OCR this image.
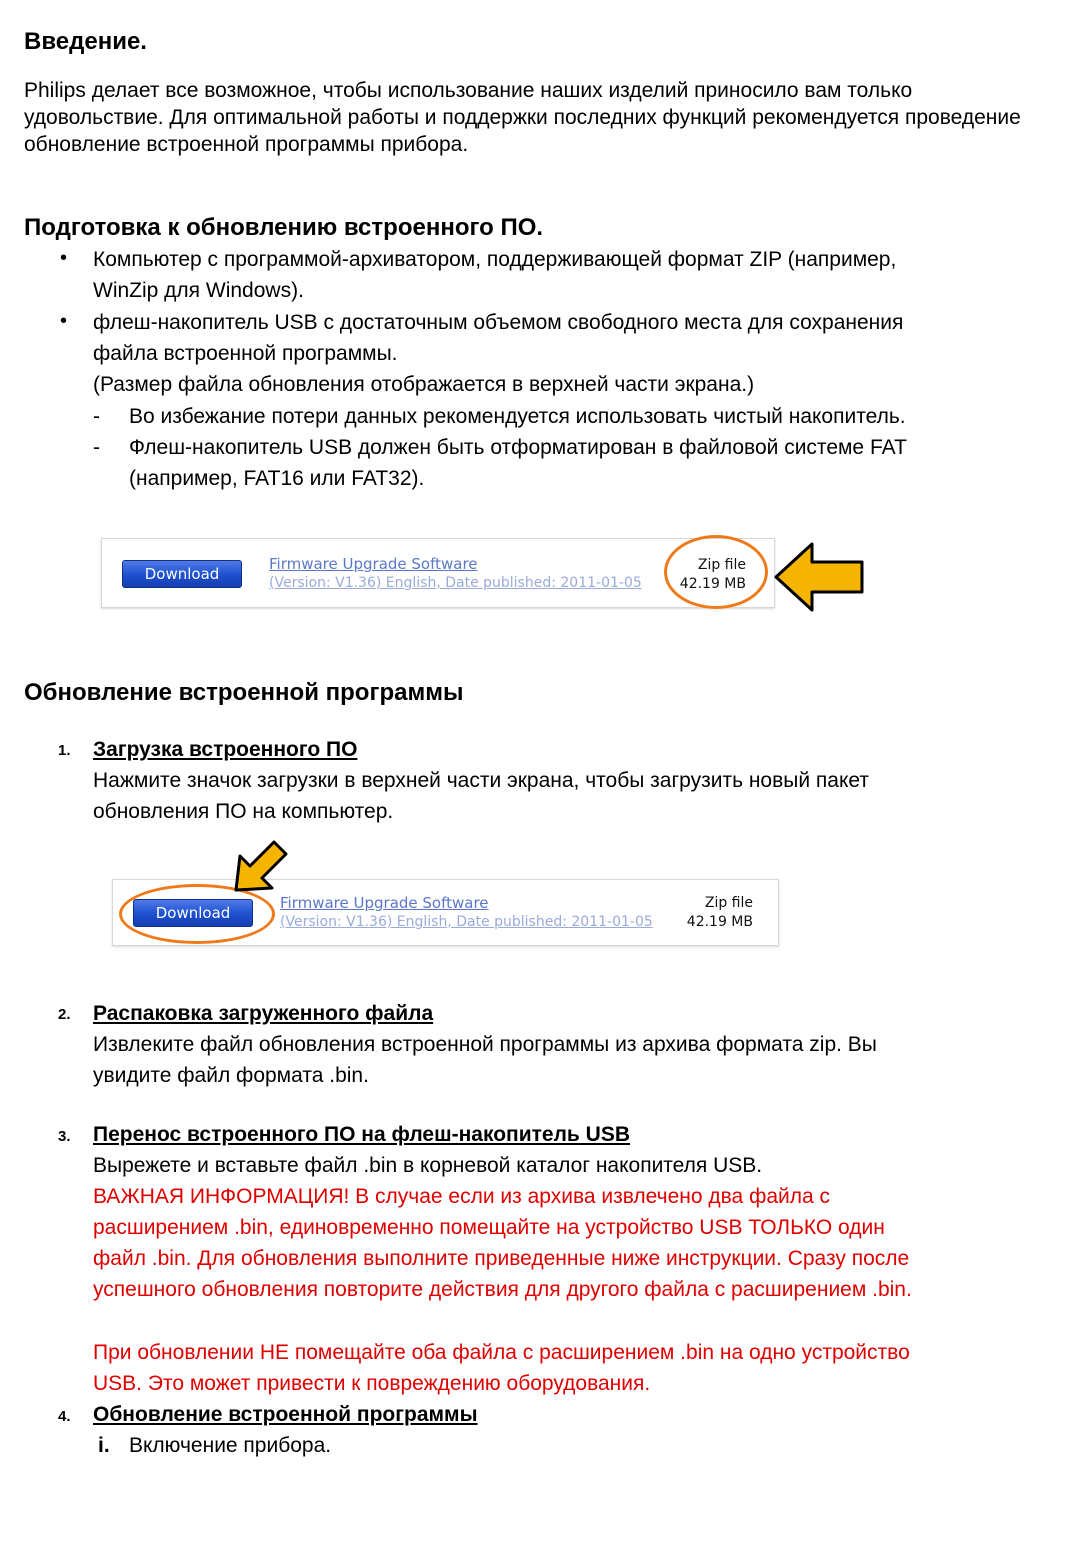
Введение.
Philips делает все возможное, чтобы использование наших изделий приносило вам только удовольствие. Для оптимальной работы и поддержки последних функций рекомендуется проведение обновление встроенной программы прибора.
Подготовка к обновлению встроенного ПО.
• Компьютер с программой-архиватором, поддерживающей формат ZIP (например,
WinZip для Windows).
• флеш-накопитель USB с достаточным объемом свободного места для сохранения
файла встроенной программы.
(Размер файла обновления отображается в верхней части экрана.)
- Во избежание потери данных рекомендуется использовать чистый накопитель.
- Флеш-накопитель USB должен быть отформатирован в файловой системе FAT
(например, FAT16 или FAT32).
Download
Firmware Upgrade Software
(Version: V1.36) English, Date published: 2011-01-05
Zip file
42.19 MB
Обновление встроенной программы
1. Загрузка встроенного ПО
Нажмите значок загрузки в верхней части экрана, чтобы загрузить новый пакет
обновления ПО на компьютер.
Download
Firmware Upgrade Software
(Version: V1.36) English, Date published: 2011-01-05
Zip file
42.19 MB
2. Распаковка загруженного файла
Извлеките файл обновления встроенной программы из архива формата zip. Вы
увидите файл формата .bin.
3. Перенос встроенного ПО на флеш-накопитель USB
Вырежете и вставьте файл .bin в корневой каталог накопителя USB.
ВАЖНАЯ ИНФОРМАЦИЯ! В случае если из архива извлечено два файла с
расширением .bin, единовременно помещайте на устройство USB ТОЛЬКО один
файл .bin. Для обновления выполните приведенные ниже инструкции. Сразу после
успешного обновления повторите действия для другого файла с расширением .bin.
При обновлении НЕ помещайте оба файла с расширением .bin на одно устройство
USB. Это может привести к повреждению оборудования.
4. Обновление встроенной программы
i. Включение прибора.
